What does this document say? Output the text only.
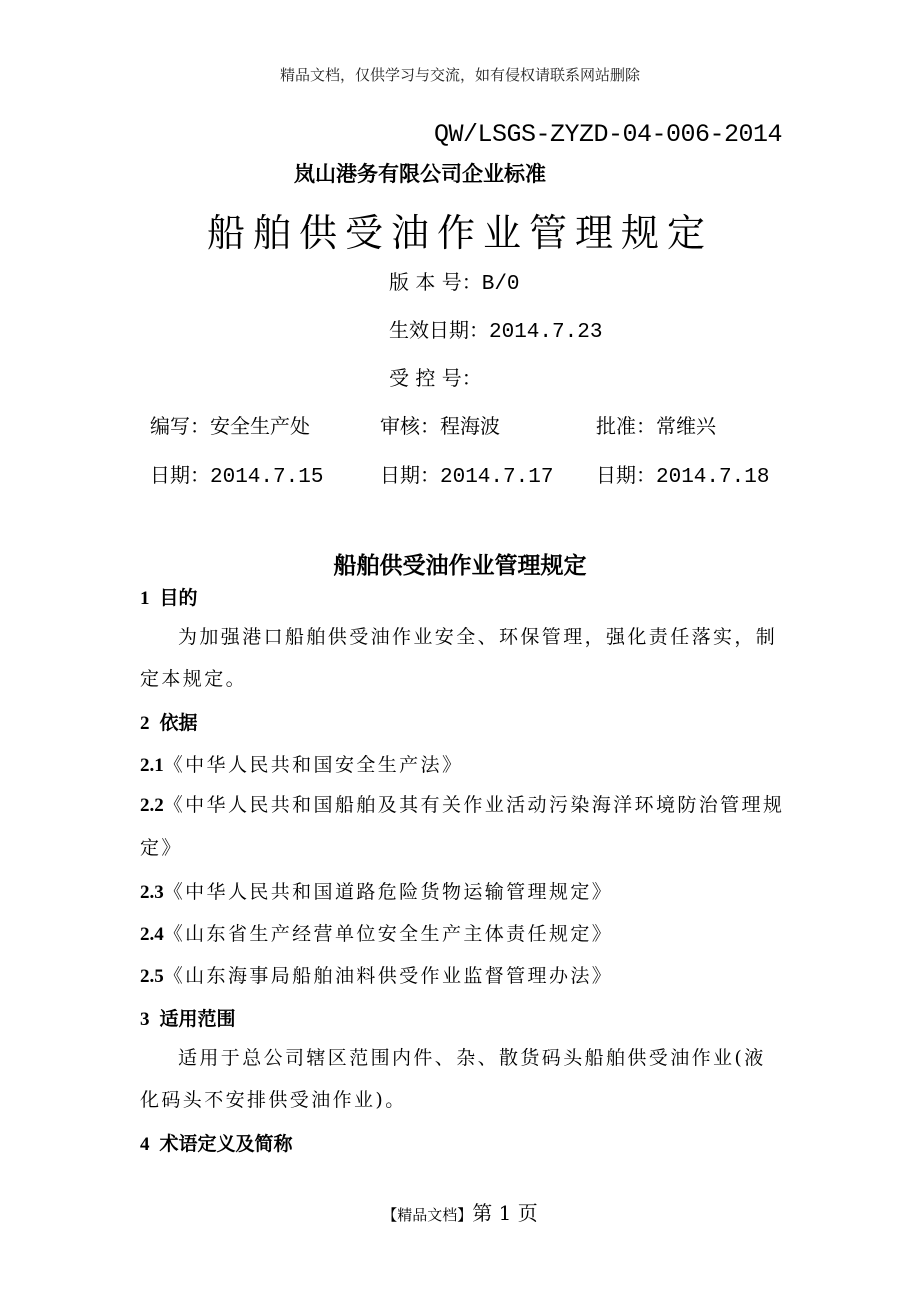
精品文档，仅供学习与交流，如有侵权请联系网站删除
QW/LSGS-ZYZD-04-006-2014
岚山港务有限公司企业标准
船舶供受油作业管理规定
版 本 号：B/0
生效日期：2014.7.23
受 控 号：
编写：安全生产处	审核：程海波	批准：常维兴
日期：2014.7.15	日期：2014.7.17 日期：2014.7.18
船舶供受油作业管理规定
1 目的
为加强港口船舶供受油作业安全、环保管理，强化责任落实，制定本规定。
2 依据
2.1《中华人民共和国安全生产法》
2.2《中华人民共和国船舶及其有关作业活动污染海洋环境防治管理规定》
2.3《中华人民共和国道路危险货物运输管理规定》
2.4《山东省生产经营单位安全生产主体责任规定》
2.5《山东海事局船舶油料供受作业监督管理办法》
3 适用范围
适用于总公司辖区范围内件、杂、散货码头船舶供受油作业(液化码头不安排供受油作业)。
4 术语定义及简称
【精品文档】第 1 页
